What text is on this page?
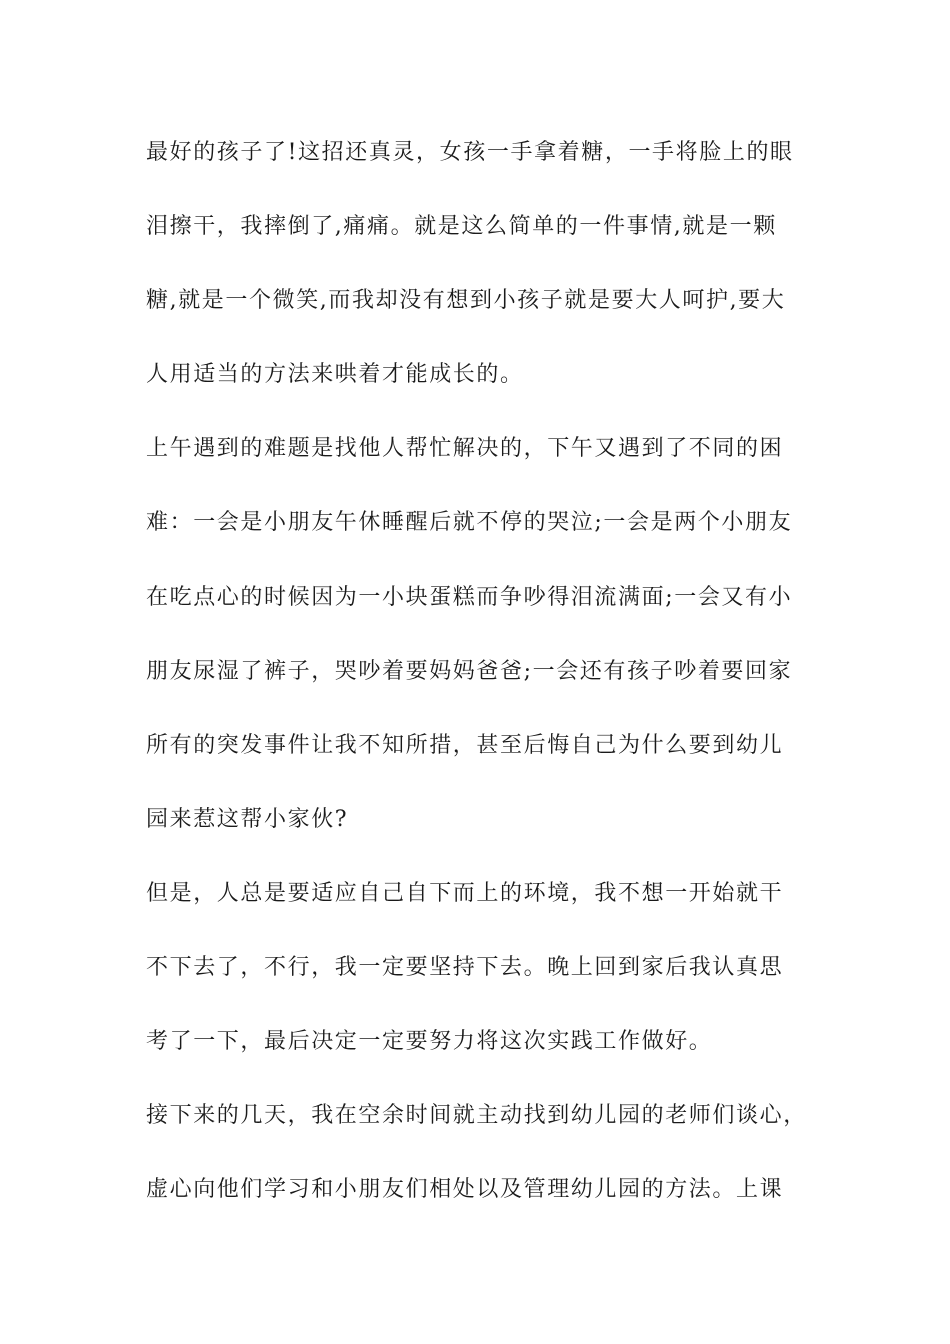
最好的孩子了!这招还真灵，女孩一手拿着糖，一手将脸上的眼

泪擦干，我摔倒了,痛痛。就是这么简单的一件事情,就是一颗

糖,就是一个微笑,而我却没有想到小孩子就是要大人呵护,要大

人用适当的方法来哄着才能成长的。

上午遇到的难题是找他人帮忙解决的，下午又遇到了不同的困

难：一会是小朋友午休睡醒后就不停的哭泣;一会是两个小朋友

在吃点心的时候因为一小块蛋糕而争吵得泪流满面;一会又有小

朋友尿湿了裤子，哭吵着要妈妈爸爸;一会还有孩子吵着要回家

所有的突发事件让我不知所措，甚至后悔自己为什么要到幼儿

园来惹这帮小家伙?

但是，人总是要适应自己自下而上的环境，我不想一开始就干

不下去了，不行，我一定要坚持下去。晚上回到家后我认真思

考了一下，最后决定一定要努力将这次实践工作做好。

接下来的几天，我在空余时间就主动找到幼儿园的老师们谈心，

虚心向他们学习和小朋友们相处以及管理幼儿园的方法。上课
